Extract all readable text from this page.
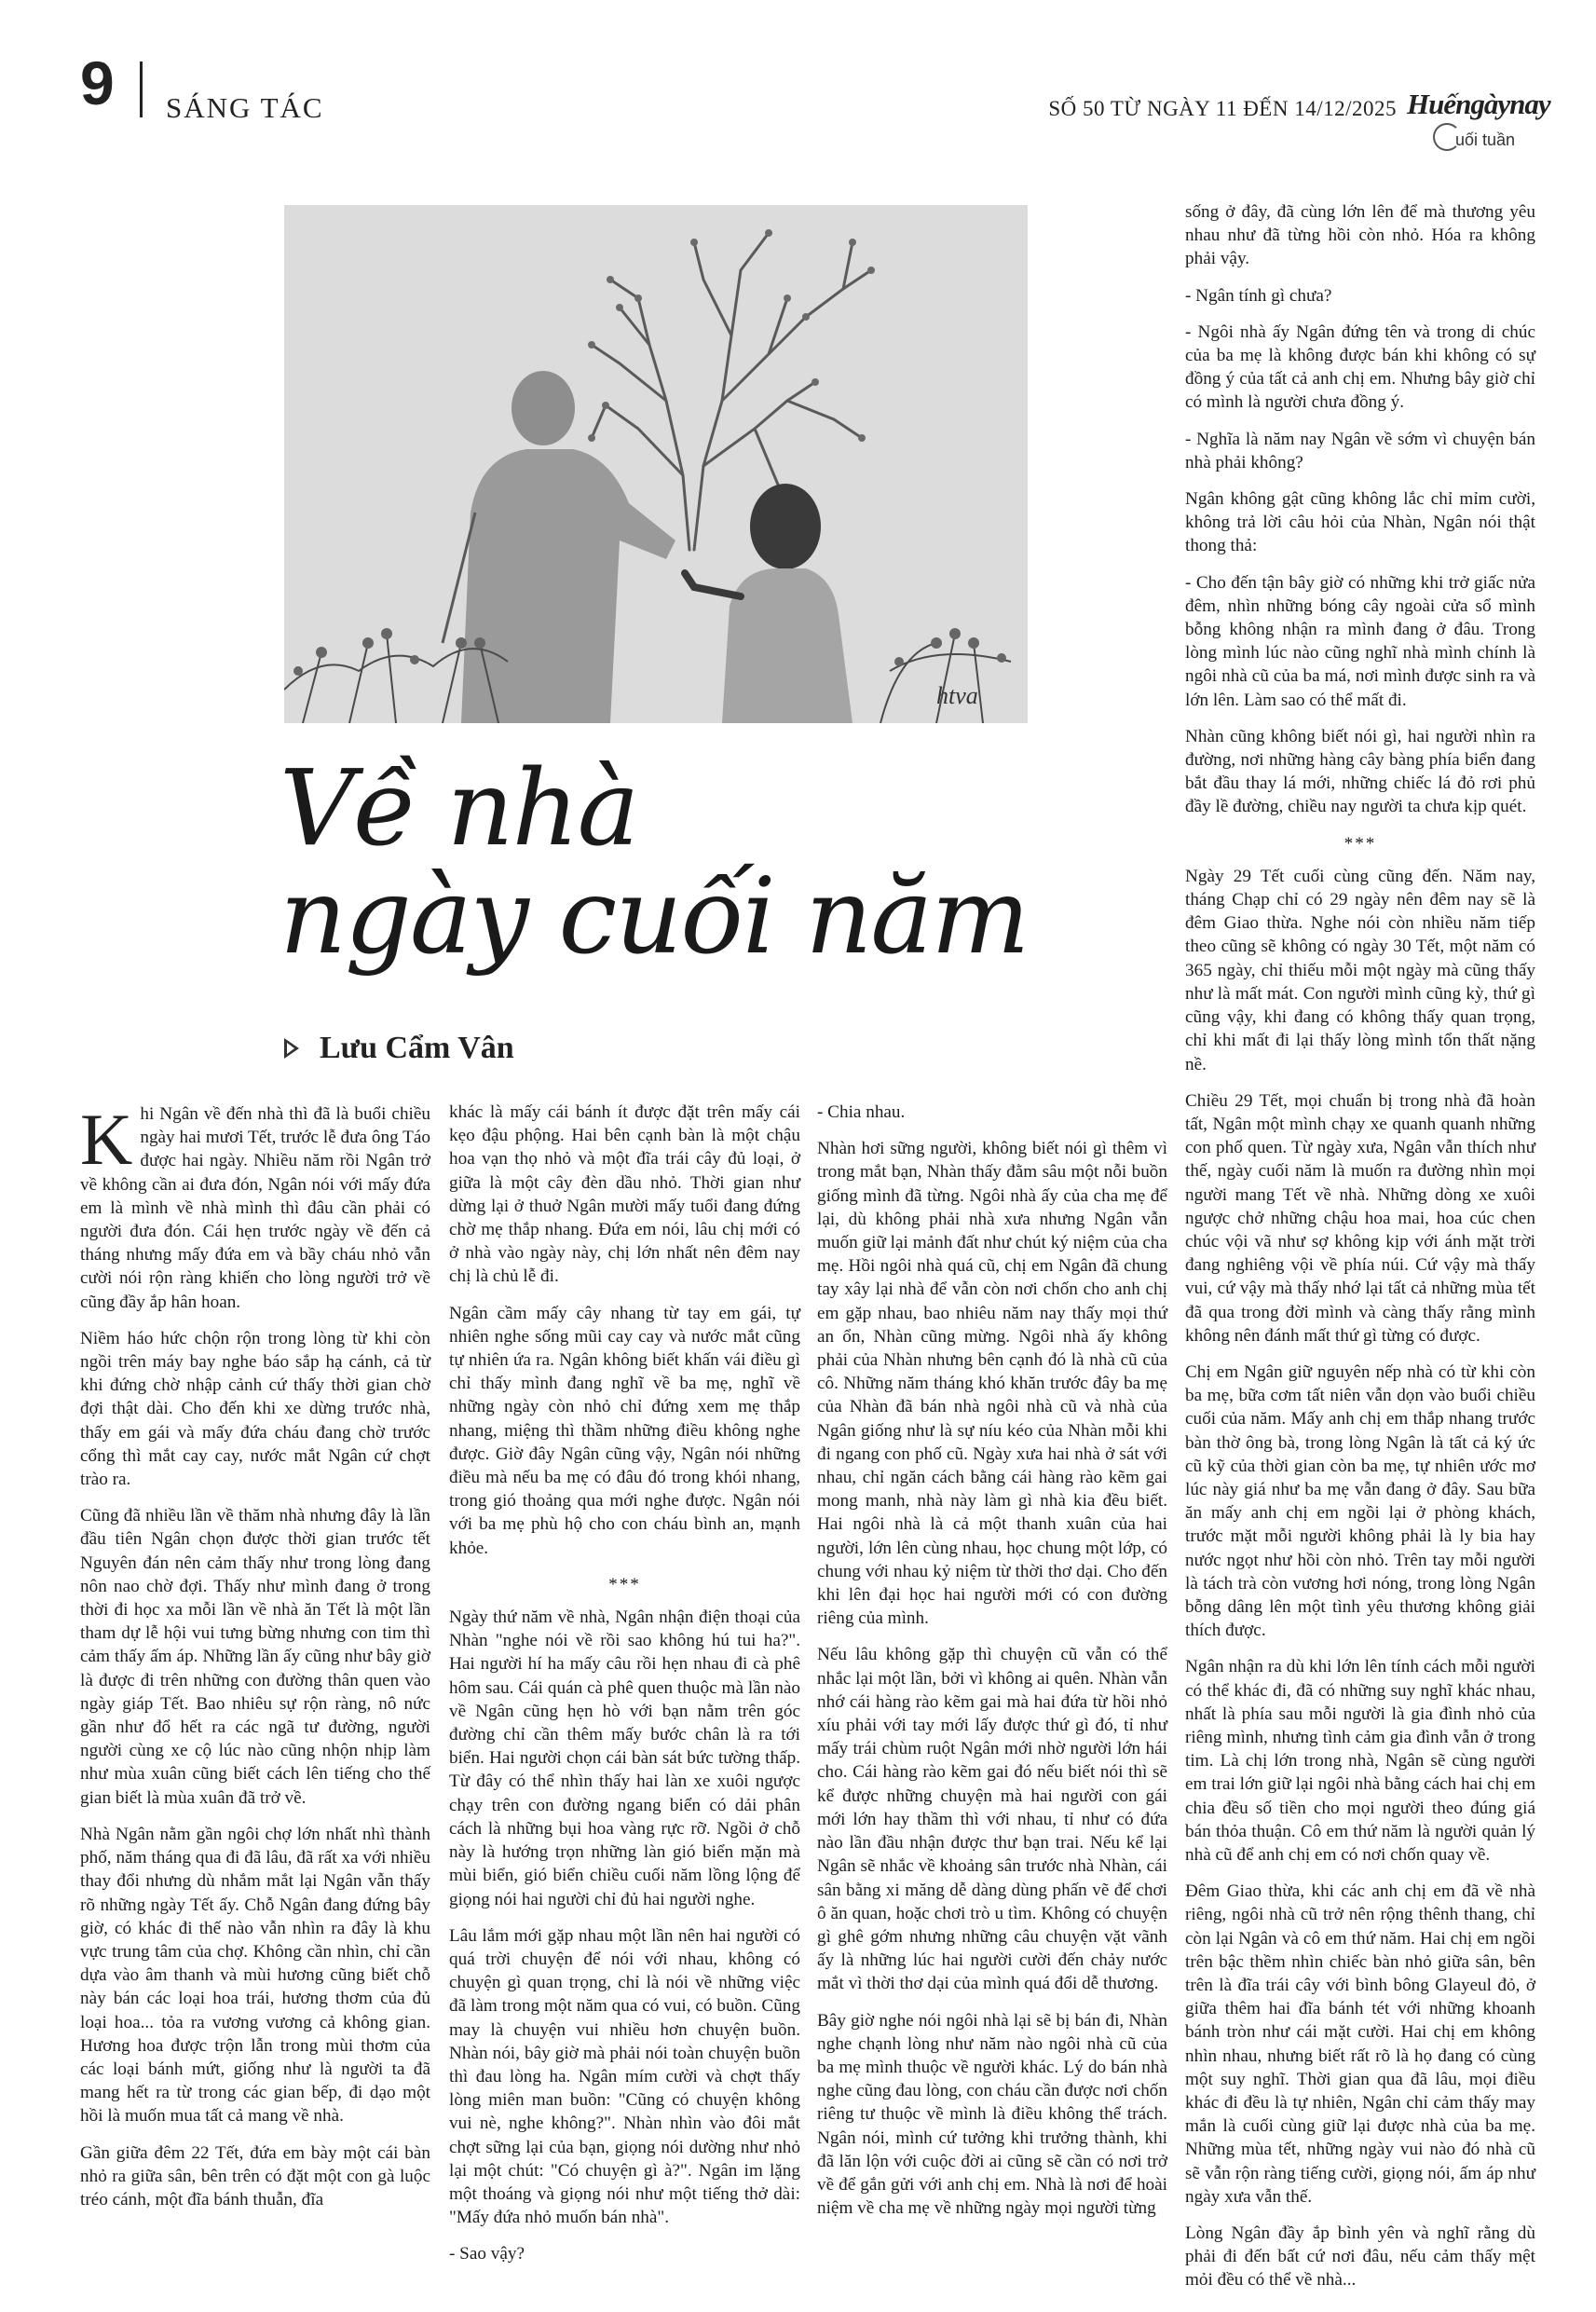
9 SÁNG TÁC	SỐ 50 TỪ NGÀY 11 ĐẾN 14/12/2025 Huếngàynay
uối tuần
htva
Về nhà
ngày cuối năm
Lưu Cẩm Vân

Khi Ngân về đến nhà thì đã là buổi chiều ngày hai mươi Tết, trước lễ đưa ông Táo được hai ngày. Nhiều năm rồi Ngân trở về không cần ai đưa đón, Ngân nói với mấy đứa em là mình về nhà mình thì đâu cần phải có người đưa đón. Cái hẹn trước ngày về đến cả tháng nhưng mấy đứa em và bầy cháu nhỏ vẫn cười nói rộn ràng khiến cho lòng người trở về cũng đầy ắp hân hoan.

Niềm háo hức chộn rộn trong lòng từ khi còn ngồi trên máy bay nghe báo sắp hạ cánh, cả từ khi đứng chờ nhập cảnh cứ thấy thời gian chờ đợi thật dài. Cho đến khi xe dừng trước nhà, thấy em gái và mấy đứa cháu đang chờ trước cổng thì mắt cay cay, nước mắt Ngân cứ chợt trào ra.

Cũng đã nhiều lần về thăm nhà nhưng đây là lần đầu tiên Ngân chọn được thời gian trước tết Nguyên đán nên cảm thấy như trong lòng đang nôn nao chờ đợi. Thấy như mình đang ở trong thời đi học xa mỗi lần về nhà ăn Tết là một lần tham dự lễ hội vui tưng bừng nhưng con tim thì cảm thấy ấm áp. Những lần ấy cũng như bây giờ là được đi trên những con đường thân quen vào ngày giáp Tết. Bao nhiêu sự rộn ràng, nô nức gần như đổ hết ra các ngã tư đường, người người cùng xe cộ lúc nào cũng nhộn nhịp làm như mùa xuân cũng biết cách lên tiếng cho thế gian biết là mùa xuân đã trở về.

Nhà Ngân nằm gần ngôi chợ lớn nhất nhì thành phố, năm tháng qua đi đã lâu, đã rất xa với nhiều thay đổi nhưng dù nhắm mắt lại Ngân vẫn thấy rõ những ngày Tết ấy. Chỗ Ngân đang đứng bây giờ, có khác đi thế nào vẫn nhìn ra đây là khu vực trung tâm của chợ. Không cần nhìn, chỉ cần dựa vào âm thanh và mùi hương cũng biết chỗ này bán các loại hoa trái, hương thơm của đủ loại hoa... tỏa ra vương vương cả không gian. Hương hoa được trộn lẫn trong mùi thơm của các loại bánh mứt, giống như là người ta đã mang hết ra từ trong các gian bếp, đi dạo một hồi là muốn mua tất cả mang về nhà.

Gần giữa đêm 22 Tết, đứa em bày một cái bàn nhỏ ra giữa sân, bên trên có đặt một con gà luộc tréo cánh, một đĩa bánh thuẫn, đĩa

khác là mấy cái bánh ít được đặt trên mấy cái kẹo đậu phộng. Hai bên cạnh bàn là một chậu hoa vạn thọ nhỏ và một đĩa trái cây đủ loại, ở giữa là một cây đèn dầu nhỏ. Thời gian như dừng lại ở thuở Ngân mười mấy tuổi đang đứng chờ mẹ thắp nhang. Đứa em nói, lâu chị mới có ở nhà vào ngày này, chị lớn nhất nên đêm nay chị là chủ lễ đi.

Ngân cầm mấy cây nhang từ tay em gái, tự nhiên nghe sống mũi cay cay và nước mắt cũng tự nhiên ứa ra. Ngân không biết khấn vái điều gì chỉ thấy mình đang nghĩ về ba mẹ, nghĩ về những ngày còn nhỏ chỉ đứng xem mẹ thắp nhang, miệng thì thầm những điều không nghe được. Giờ đây Ngân cũng vậy, Ngân nói những điều mà nếu ba mẹ có đâu đó trong khói nhang, trong gió thoảng qua mới nghe được. Ngân nói với ba mẹ phù hộ cho con cháu bình an, mạnh khỏe.

***

Ngày thứ năm về nhà, Ngân nhận điện thoại của Nhàn "nghe nói về rồi sao không hú tui ha?". Hai người hí ha mấy câu rồi hẹn nhau đi cà phê hôm sau. Cái quán cà phê quen thuộc mà lần nào về Ngân cũng hẹn hò với bạn nằm trên góc đường chỉ cần thêm mấy bước chân là ra tới biển. Hai người chọn cái bàn sát bức tường thấp. Từ đây có thể nhìn thấy hai làn xe xuôi ngược chạy trên con đường ngang biển có dải phân cách là những bụi hoa vàng rực rỡ. Ngồi ở chỗ này là hướng trọn những làn gió biển mặn mà mùi biển, gió biển chiều cuối năm lồng lộng để giọng nói hai người chỉ đủ hai người nghe.

Lâu lắm mới gặp nhau một lần nên hai người có quá trời chuyện để nói với nhau, không có chuyện gì quan trọng, chỉ là nói về những việc đã làm trong một năm qua có vui, có buồn. Cũng may là chuyện vui nhiều hơn chuyện buồn. Nhàn nói, bây giờ mà phải nói toàn chuyện buồn thì đau lòng ha. Ngân mím cười và chợt thấy lòng miên man buồn: "Cũng có chuyện không vui nè, nghe không?". Nhàn nhìn vào đôi mắt chợt sững lại của bạn, giọng nói dường như nhỏ lại một chút: "Có chuyện gì à?". Ngân im lặng một thoáng và giọng nói như một tiếng thở dài: "Mấy đứa nhỏ muốn bán nhà".

- Sao vậy?

- Chia nhau.

Nhàn hơi sững người, không biết nói gì thêm vì trong mắt bạn, Nhàn thấy đằm sâu một nỗi buồn giống mình đã từng. Ngôi nhà ấy của cha mẹ để lại, dù không phải nhà xưa nhưng Ngân vẫn muốn giữ lại mảnh đất như chút ký niệm của cha mẹ. Hồi ngôi nhà quá cũ, chị em Ngân đã chung tay xây lại nhà để vẫn còn nơi chốn cho anh chị em gặp nhau, bao nhiêu năm nay thấy mọi thứ an ổn, Nhàn cũng mừng. Ngôi nhà ấy không phải của Nhàn nhưng bên cạnh đó là nhà cũ của cô. Những năm tháng khó khăn trước đây ba mẹ của Nhàn đã bán nhà ngôi nhà cũ và nhà của Ngân giống như là sự níu kéo của Nhàn mỗi khi đi ngang con phố cũ. Ngày xưa hai nhà ở sát với nhau, chỉ ngăn cách bằng cái hàng rào kẽm gai mong manh, nhà này làm gì nhà kia đều biết. Hai ngôi nhà là cả một thanh xuân của hai người, lớn lên cùng nhau, học chung một lớp, có chung với nhau kỷ niệm từ thời thơ dại. Cho đến khi lên đại học hai người mới có con đường riêng của mình.

Nếu lâu không gặp thì chuyện cũ vẫn có thể nhắc lại một lần, bởi vì không ai quên. Nhàn vẫn nhớ cái hàng rào kẽm gai mà hai đứa từ hồi nhỏ xíu phải với tay mới lấy được thứ gì đó, tỉ như mấy trái chùm ruột Ngân mới nhờ người lớn hái cho. Cái hàng rào kẽm gai đó nếu biết nói thì sẽ kể được những chuyện mà hai người con gái mới lớn hay thầm thì với nhau, tỉ như có đứa nào lần đầu nhận được thư bạn trai. Nếu kể lại Ngân sẽ nhắc về khoảng sân trước nhà Nhàn, cái sân bằng xi măng dễ dàng dùng phấn vẽ để chơi ô ăn quan, hoặc chơi trò u tìm. Không có chuyện gì ghê gớm nhưng những câu chuyện vặt vãnh ấy là những lúc hai người cười đến chảy nước mắt vì thời thơ dại của mình quá đổi dễ thương.

Bây giờ nghe nói ngôi nhà lại sẽ bị bán đi, Nhàn nghe chạnh lòng như năm nào ngôi nhà cũ của ba mẹ mình thuộc về người khác. Lý do bán nhà nghe cũng đau lòng, con cháu cần được nơi chốn riêng tư thuộc về mình là điều không thể trách. Ngân nói, mình cứ tưởng khi trưởng thành, khi đã lăn lộn với cuộc đời ai cũng sẽ cần có nơi trở về để gắn gửi với anh chị em. Nhà là nơi để hoài niệm về cha mẹ về những ngày mọi người từng

sống ở đây, đã cùng lớn lên để mà thương yêu nhau như đã từng hồi còn nhỏ. Hóa ra không phải vậy.

- Ngân tính gì chưa?

- Ngôi nhà ấy Ngân đứng tên và trong di chúc của ba mẹ là không được bán khi không có sự đồng ý của tất cả anh chị em. Nhưng bây giờ chỉ có mình là người chưa đồng ý.

- Nghĩa là năm nay Ngân về sớm vì chuyện bán nhà phải không?

Ngân không gật cũng không lắc chỉ mỉm cười, không trả lời câu hỏi của Nhàn, Ngân nói thật thong thả:

- Cho đến tận bây giờ có những khi trở giấc nửa đêm, nhìn những bóng cây ngoài cửa sổ mình bỗng không nhận ra mình đang ở đâu. Trong lòng mình lúc nào cũng nghĩ nhà mình chính là ngôi nhà cũ của ba má, nơi mình được sinh ra và lớn lên. Làm sao có thể mất đi.

Nhàn cũng không biết nói gì, hai người nhìn ra đường, nơi những hàng cây bàng phía biển đang bắt đầu thay lá mới, những chiếc lá đỏ rơi phủ đầy lề đường, chiều nay người ta chưa kịp quét.

***

Ngày 29 Tết cuối cùng cũng đến. Năm nay, tháng Chạp chỉ có 29 ngày nên đêm nay sẽ là đêm Giao thừa. Nghe nói còn nhiều năm tiếp theo cũng sẽ không có ngày 30 Tết, một năm có 365 ngày, chỉ thiếu mỗi một ngày mà cũng thấy như là mất mát. Con người mình cũng kỳ, thứ gì cũng vậy, khi đang có không thấy quan trọng, chỉ khi mất đi lại thấy lòng mình tổn thất nặng nề.

Chiều 29 Tết, mọi chuẩn bị trong nhà đã hoàn tất, Ngân một mình chạy xe quanh quanh những con phố quen. Từ ngày xưa, Ngân vẫn thích như thế, ngày cuối năm là muốn ra đường nhìn mọi người mang Tết về nhà. Những dòng xe xuôi ngược chở những chậu hoa mai, hoa cúc chen chúc vội vã như sợ không kịp với ánh mặt trời đang nghiêng vội về phía núi. Cứ vậy mà thấy vui, cứ vậy mà thấy nhớ lại tất cả những mùa tết đã qua trong đời mình và càng thấy rằng mình không nên đánh mất thứ gì từng có được.

Chị em Ngân giữ nguyên nếp nhà có từ khi còn ba mẹ, bữa cơm tất niên vẫn dọn vào buổi chiều cuối của năm. Mấy anh chị em thắp nhang trước bàn thờ ông bà, trong lòng Ngân là tất cả ký ức cũ kỹ của thời gian còn ba mẹ, tự nhiên ước mơ lúc này giá như ba mẹ vẫn đang ở đây. Sau bữa ăn mấy anh chị em ngồi lại ở phòng khách, trước mặt mỗi người không phải là ly bia hay nước ngọt như hồi còn nhỏ. Trên tay mỗi người là tách trà còn vương hơi nóng, trong lòng Ngân bỗng dâng lên một tình yêu thương không giải thích được.

Ngân nhận ra dù khi lớn lên tính cách mỗi người có thể khác đi, đã có những suy nghĩ khác nhau, nhất là phía sau mỗi người là gia đình nhỏ của riêng mình, nhưng tình cảm gia đình vẫn ở trong tim. Là chị lớn trong nhà, Ngân sẽ cùng người em trai lớn giữ lại ngôi nhà bằng cách hai chị em chia đều số tiền cho mọi người theo đúng giá bán thỏa thuận. Cô em thứ năm là người quản lý nhà cũ để anh chị em có nơi chốn quay về.

Đêm Giao thừa, khi các anh chị em đã về nhà riêng, ngôi nhà cũ trở nên rộng thênh thang, chỉ còn lại Ngân và cô em thứ năm. Hai chị em ngồi trên bậc thềm nhìn chiếc bàn nhỏ giữa sân, bên trên là đĩa trái cây với bình bông Glayeul đỏ, ở giữa thêm hai đĩa bánh tét với những khoanh bánh tròn như cái mặt cười. Hai chị em không nhìn nhau, nhưng biết rất rõ là họ đang có cùng một suy nghĩ. Thời gian qua đã lâu, mọi điều khác đi đều là tự nhiên, Ngân chỉ cảm thấy may mắn là cuối cùng giữ lại được nhà của ba mẹ. Những mùa tết, những ngày vui nào đó nhà cũ sẽ vẫn rộn ràng tiếng cười, giọng nói, ấm áp như ngày xưa vẫn thế.

Lòng Ngân đầy ắp bình yên và nghĩ rằng dù phải đi đến bất cứ nơi đâu, nếu cảm thấy mệt mỏi đều có thể về nhà...
